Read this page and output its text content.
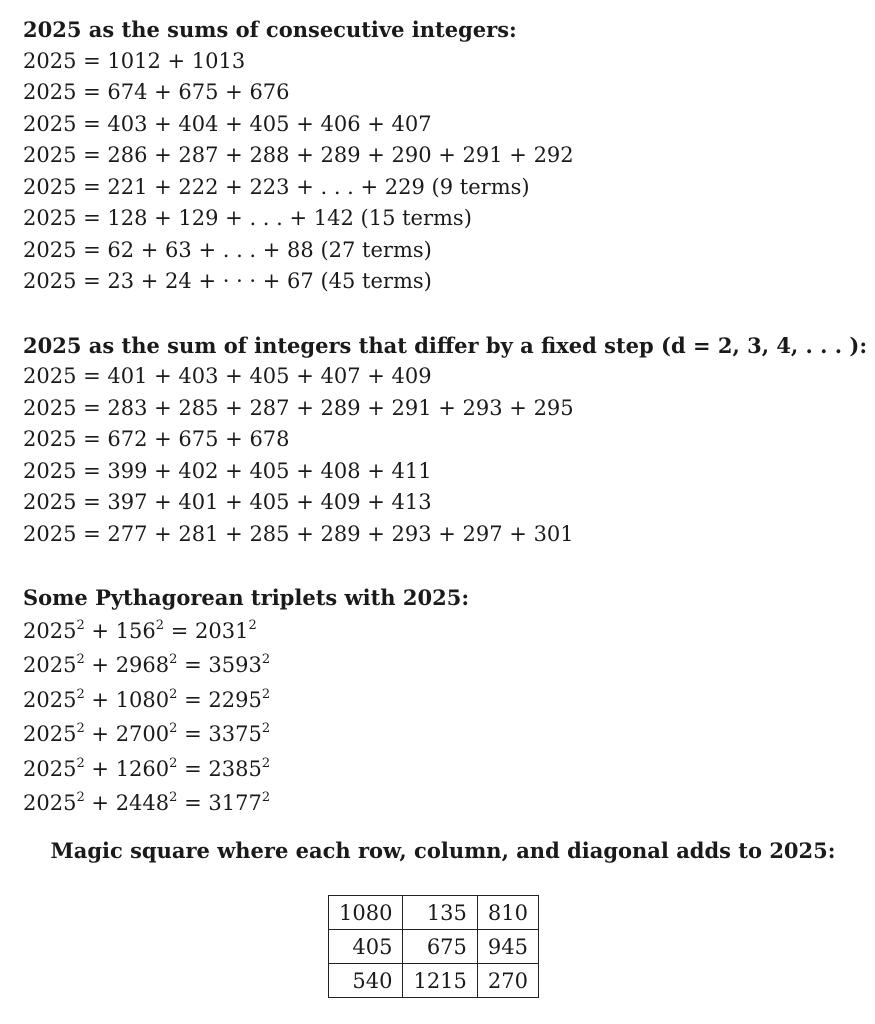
2025 as the sums of consecutive integers:
2025 = 1012 + 1013
2025 = 674 + 675 + 676
2025 = 403 + 404 + 405 + 406 + 407
2025 = 286 + 287 + 288 + 289 + 290 + 291 + 292
2025 = 221 + 222 + 223 + . . . + 229 (9 terms)
2025 = 128 + 129 + . . . + 142 (15 terms)
2025 = 62 + 63 + . . . + 88 (27 terms)
2025 = 23 + 24 + · · · + 67 (45 terms)
2025 as the sum of integers that differ by a fixed step (d = 2, 3, 4, . . . ):
2025 = 401 + 403 + 405 + 407 + 409
2025 = 283 + 285 + 287 + 289 + 291 + 293 + 295
2025 = 672 + 675 + 678
2025 = 399 + 402 + 405 + 408 + 411
2025 = 397 + 401 + 405 + 409 + 413
2025 = 277 + 281 + 285 + 289 + 293 + 297 + 301
Some Pythagorean triplets with 2025:
$2025^2 + 156^2 = 2031^2$
$2025^2 + 2968^2 = 3593^2$
$2025^2 + 1080^2 = 2295^2$
$2025^2 + 2700^2 = 3375^2$
$2025^2 + 1260^2 = 2385^2$
$2025^2 + 2448^2 = 3177^2$
Magic square where each row, column, and diagonal adds to 2025:
1080	135	810
405	675	945
540	1215	270
